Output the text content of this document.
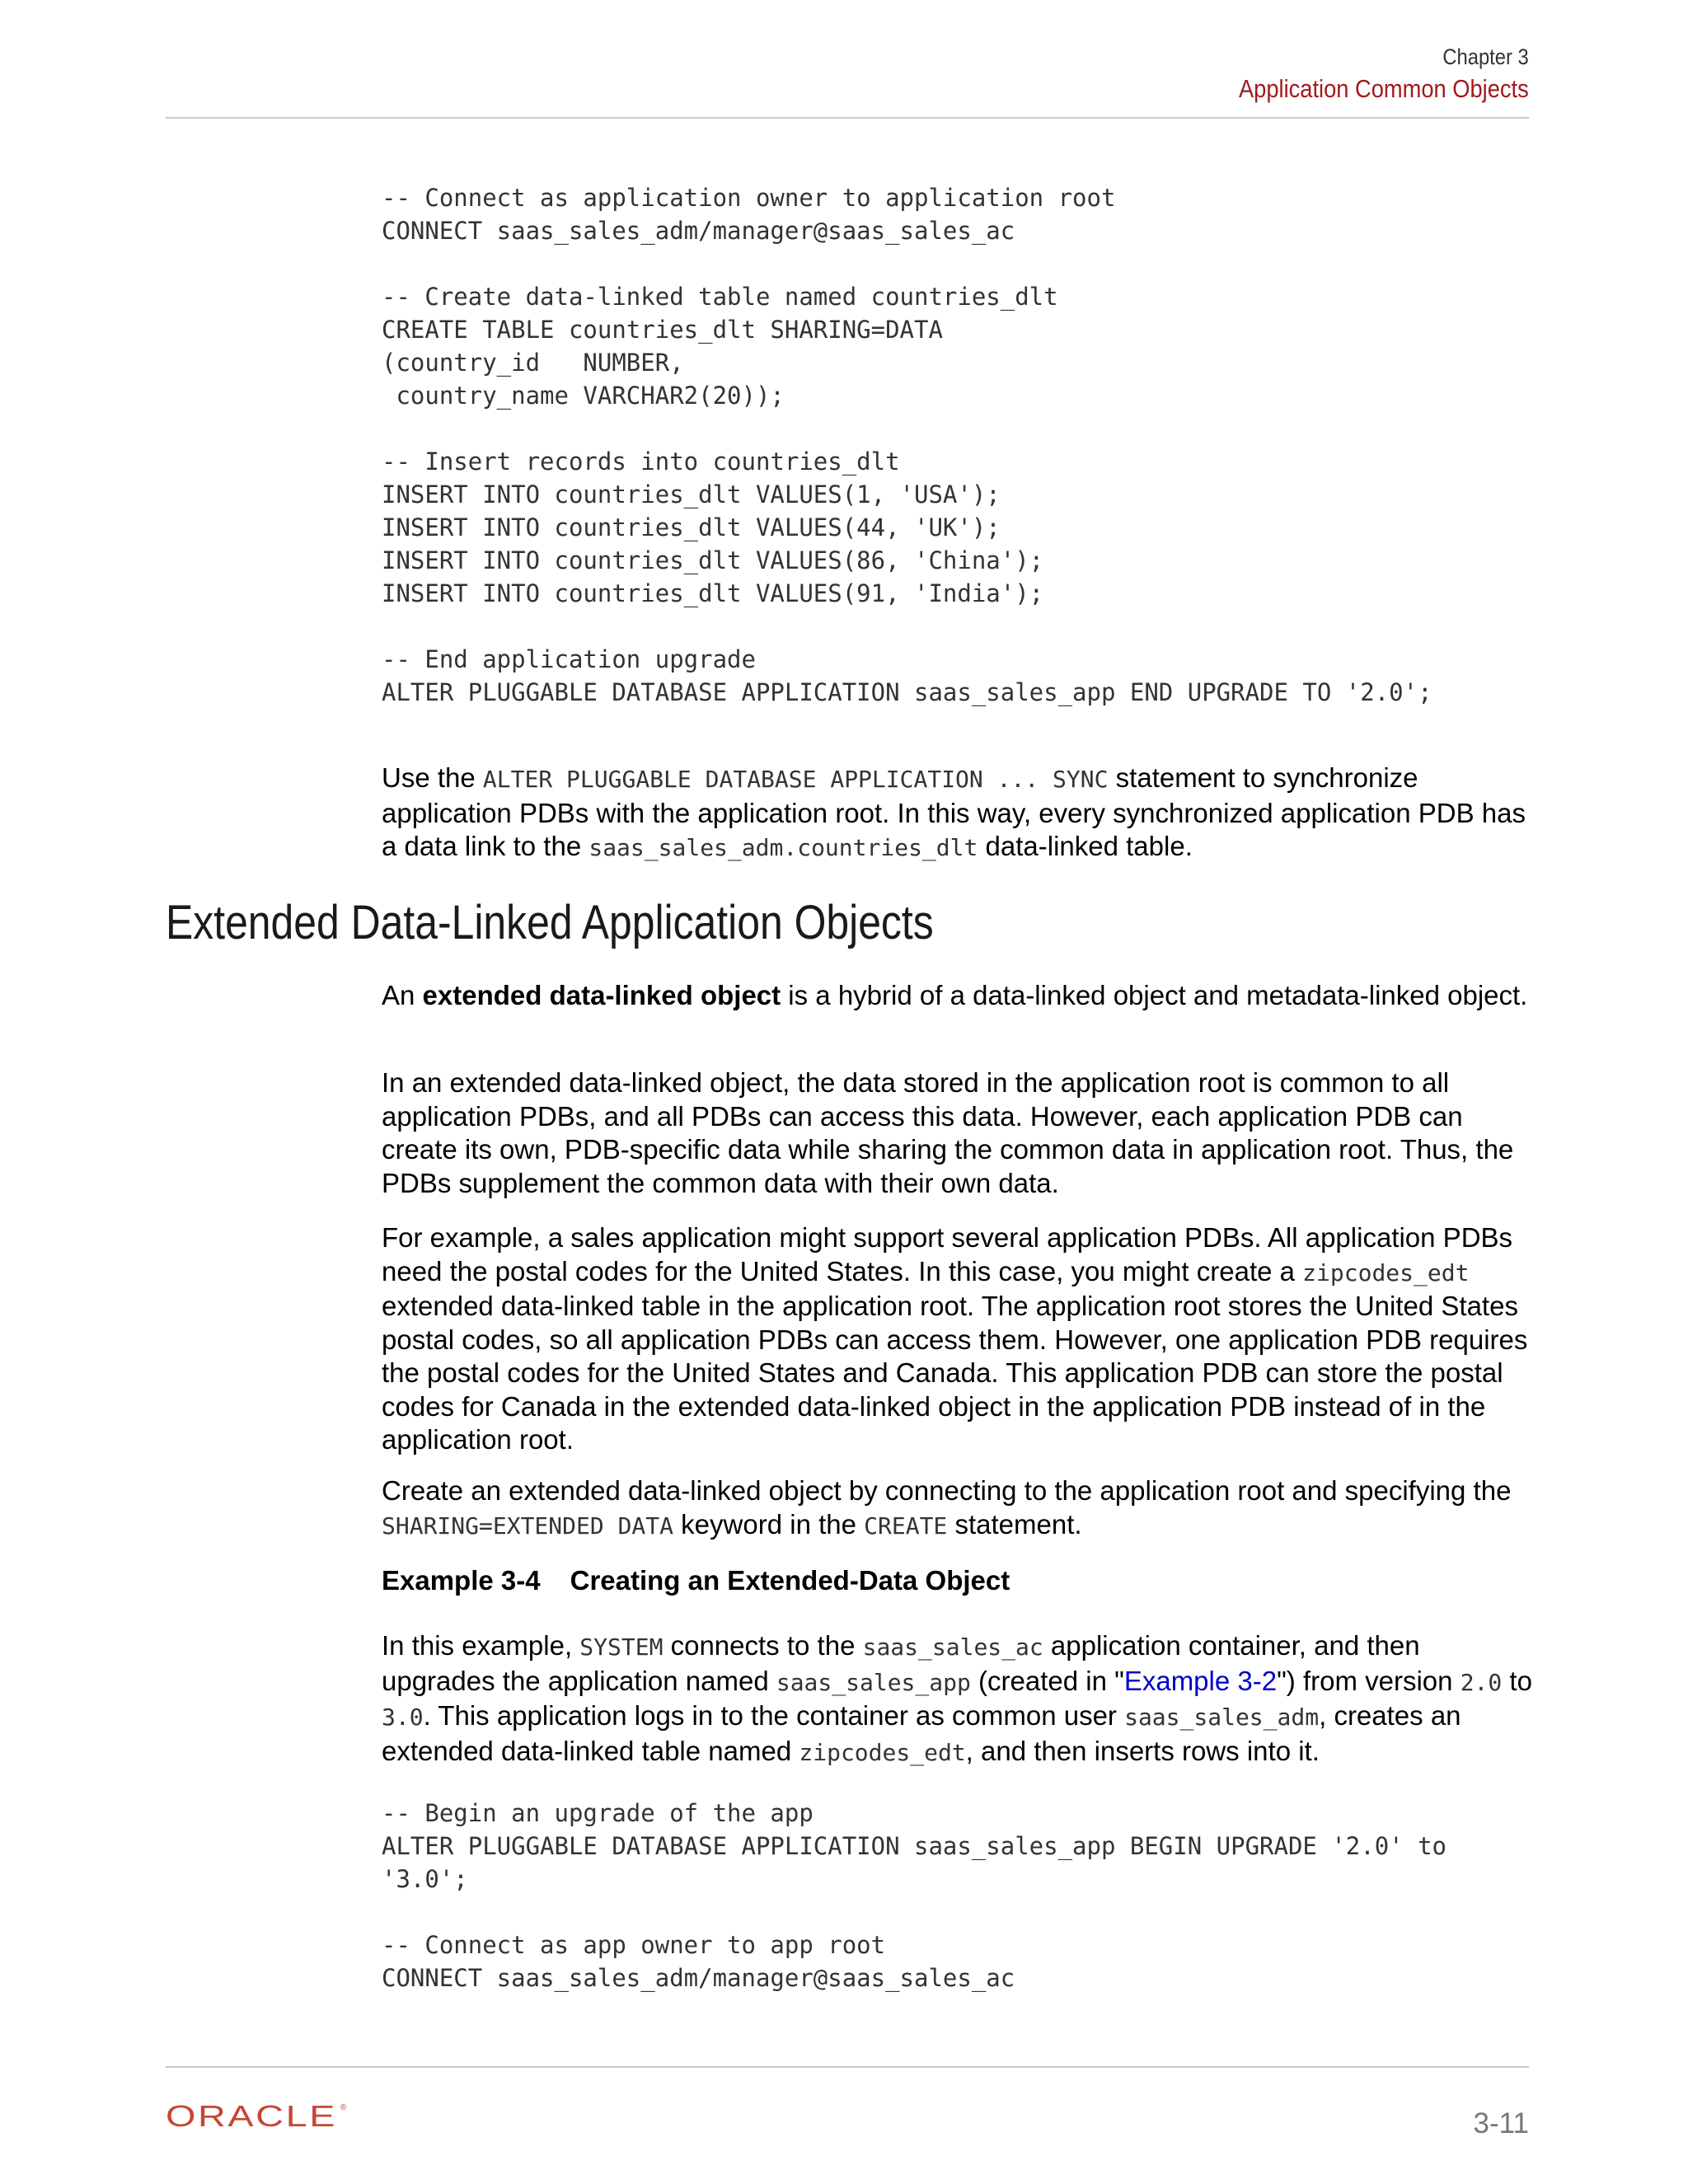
Chapter 3
Application Common Objects
-- Connect as application owner to application root
CONNECT saas_sales_adm/manager@saas_sales_ac

-- Create data-linked table named countries_dlt
CREATE TABLE countries_dlt SHARING=DATA
(country_id   NUMBER,
country_name VARCHAR2(20));

-- Insert records into countries_dlt
INSERT INTO countries_dlt VALUES(1, 'USA');
INSERT INTO countries_dlt VALUES(44, 'UK');
INSERT INTO countries_dlt VALUES(86, 'China');
INSERT INTO countries_dlt VALUES(91, 'India');

-- End application upgrade
ALTER PLUGGABLE DATABASE APPLICATION saas_sales_app END UPGRADE TO '2.0';

Use the ALTER PLUGGABLE DATABASE APPLICATION ... SYNC statement to synchronize application PDBs with the application root. In this way, every synchronized application PDB has a data link to the saas_sales_adm.countries_dlt data-linked table.

Extended Data-Linked Application Objects

An extended data-linked object is a hybrid of a data-linked object and metadata-linked object.

In an extended data-linked object, the data stored in the application root is common to all application PDBs, and all PDBs can access this data. However, each application PDB can create its own, PDB-specific data while sharing the common data in application root. Thus, the PDBs supplement the common data with their own data.

For example, a sales application might support several application PDBs. All application PDBs need the postal codes for the United States. In this case, you might create a zipcodes_edt extended data-linked table in the application root. The application root stores the United States postal codes, so all application PDBs can access them. However, one application PDB requires the postal codes for the United States and Canada. This application PDB can store the postal codes for Canada in the extended data-linked object in the application PDB instead of in the application root.

Create an extended data-linked object by connecting to the application root and specifying the SHARING=EXTENDED DATA keyword in the CREATE statement.

Example 3-4 Creating an Extended-Data Object

In this example, SYSTEM connects to the saas_sales_ac application container, and then upgrades the application named saas_sales_app (created in "Example 3-2") from version 2.0 to 3.0. This application logs in to the container as common user saas_sales_adm, creates an extended data-linked table named zipcodes_edt, and then inserts rows into it.

-- Begin an upgrade of the app
ALTER PLUGGABLE DATABASE APPLICATION saas_sales_app BEGIN UPGRADE '2.0' to
'3.0';

-- Connect as app owner to app root
CONNECT saas_sales_adm/manager@saas_sales_ac
ORACLE ®	3-11
